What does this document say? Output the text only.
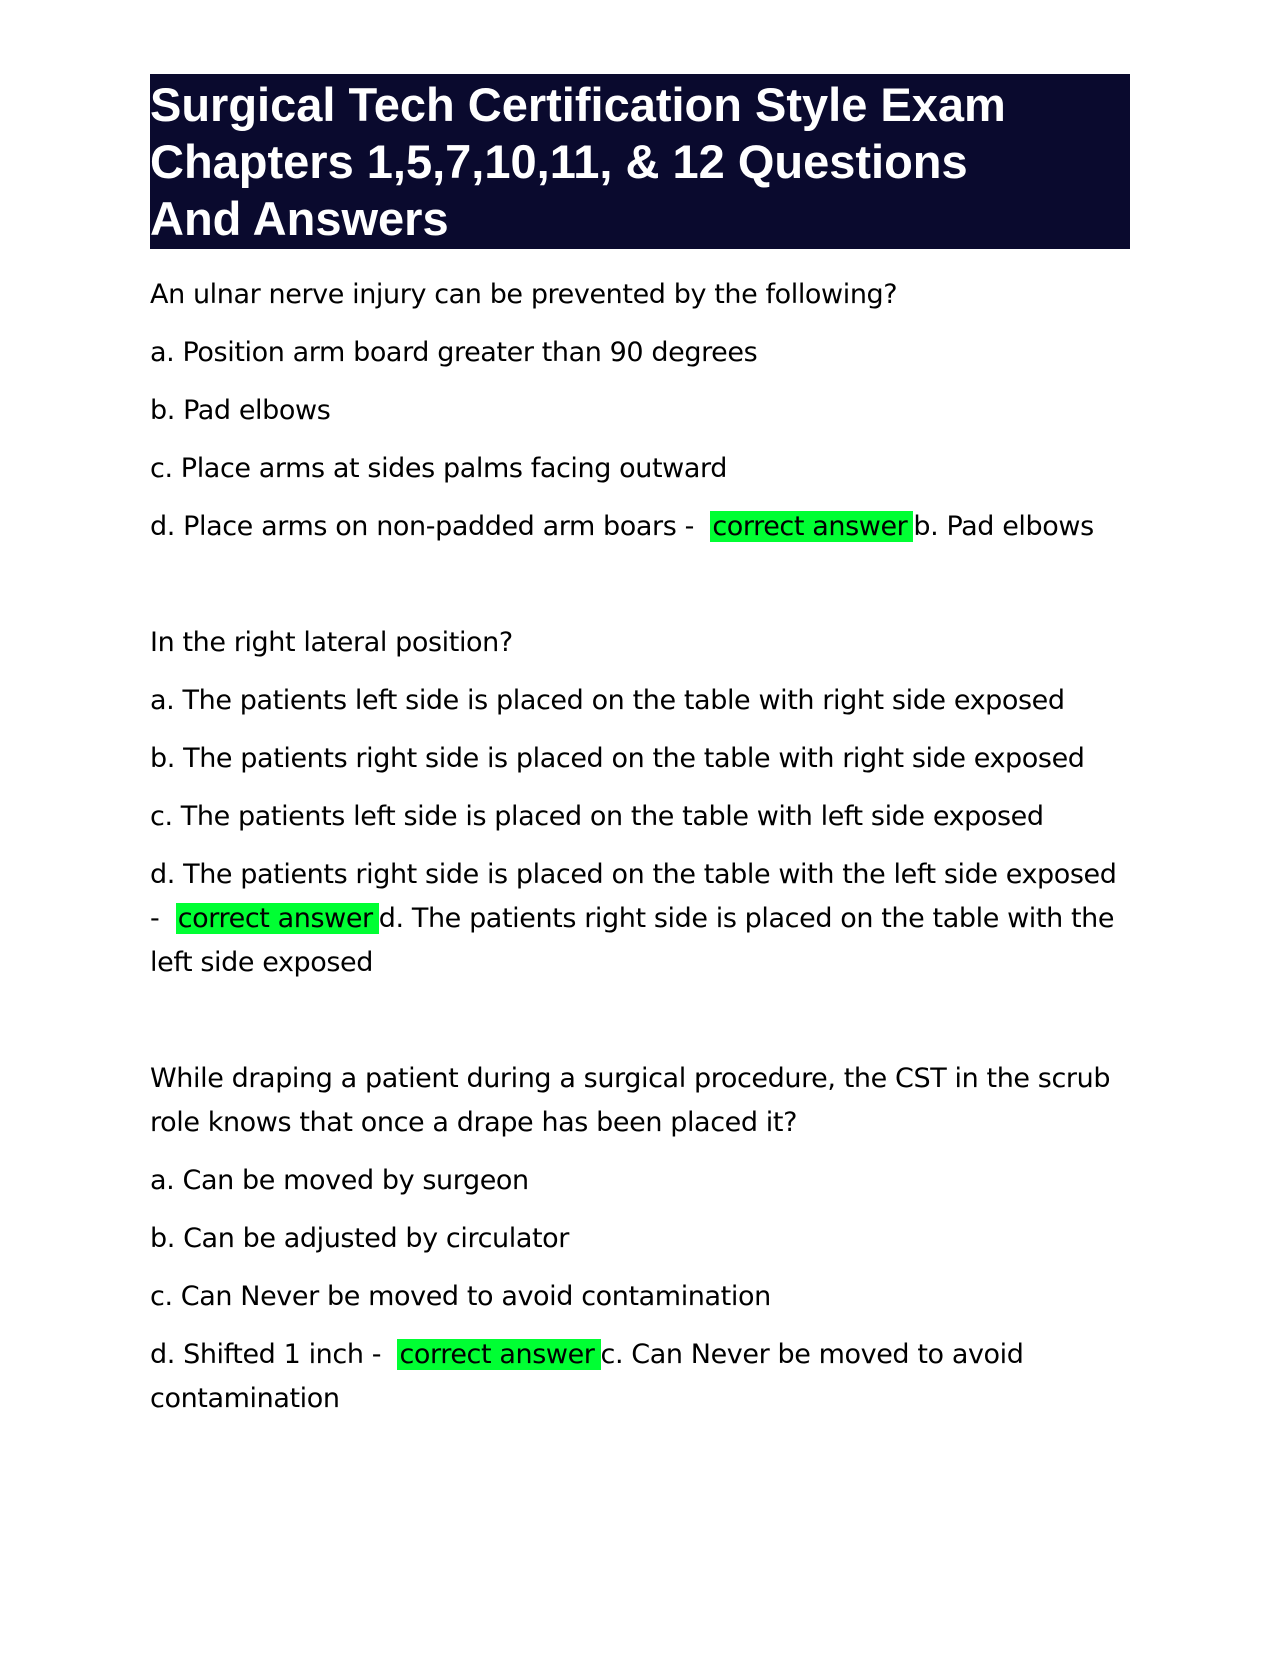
Surgical Tech Certification Style Exam
Chapters 1,5,7,10,11, & 12 Questions
And Answers

An ulnar nerve injury can be prevented by the following?

a. Position arm board greater than 90 degrees

b. Pad elbows

c. Place arms at sides palms facing outward

d. Place arms on non-padded arm boars - correct answer b. Pad elbows

In the right lateral position?

a. The patients left side is placed on the table with right side exposed

b. The patients right side is placed on the table with right side exposed

c. The patients left side is placed on the table with left side exposed

d. The patients right side is placed on the table with the left side exposed - correct answer d. The patients right side is placed on the table with the left side exposed

While draping a patient during a surgical procedure, the CST in the scrub role knows that once a drape has been placed it?

a. Can be moved by surgeon

b. Can be adjusted by circulator

c. Can Never be moved to avoid contamination

d. Shifted 1 inch - correct answer c. Can Never be moved to avoid contamination
